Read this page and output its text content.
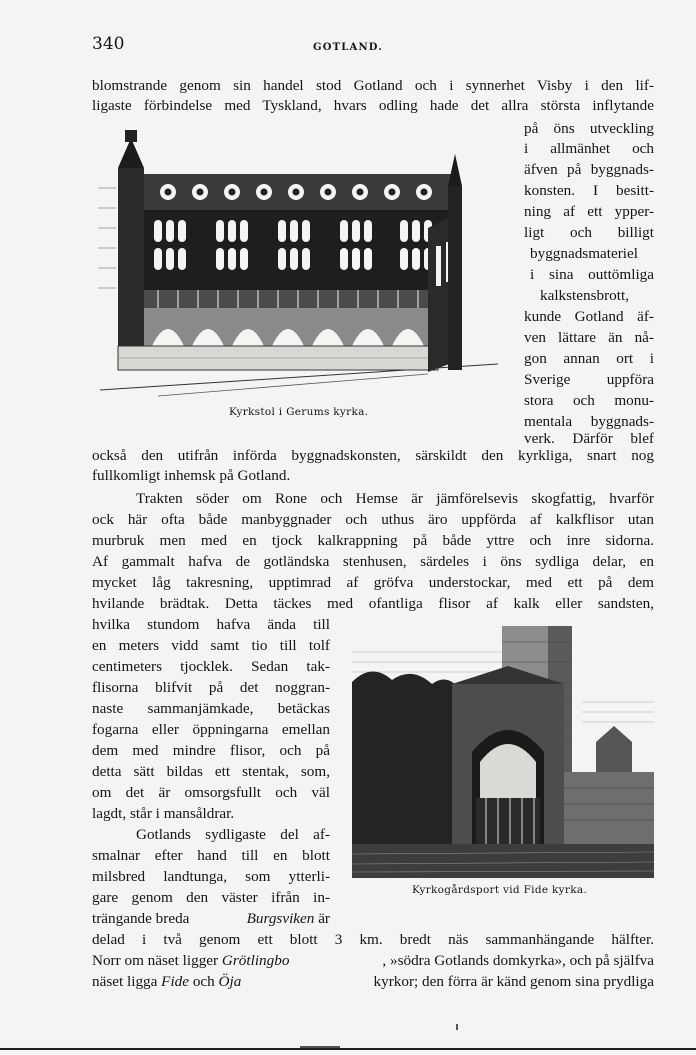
340	GOTLAND.
blomstrande genom sin handel stod Gotland och i synnerhet Visby i den lif-
ligaste förbindelse med Tyskland, hvars odling hade det allra största inflytande
Kyrkstol i Gerums kyrka.
på öns utveckling
i allmänhet och
äfven på byggnads-
konsten. I besitt-
ning af ett ypper-
ligt och billigt
byggnadsmateriel
i sina outtömliga
kalkstensbrott,
kunde Gotland äf-
ven lättare än nå-
gon annan ort i
Sverige uppföra
stora och monu-
mentala byggnads-
verk. Därför blef
också den utifrån införda byggnadskonsten, särskildt den kyrkliga, snart nog
fullkomligt inhemsk på Gotland.
Trakten söder om Rone och Hemse är jämförelsevis skogfattig, hvarför
ock här ofta både manbyggnader och uthus äro uppförda af kalkflisor utan
murbruk men med en tjock kalkrappning på både yttre och inre sidorna.
Af gammalt hafva de gotländska stenhusen, särdeles i öns sydliga delar, en
mycket låg takresning, upptimrad af gröfva understockar, med ett på dem
hvilande brädtak. Detta täckes med ofantliga flisor af kalk eller sandsten,
hvilka stundom hafva ända till
en meters vidd samt tio till tolf
centimeters tjocklek. Sedan tak-
flisorna blifvit på det noggran-
naste sammanjämkade, betäckas
fogarna eller öppningarna emellan
dem med mindre flisor, och på
detta sätt bildas ett stentak, som,
om det är omsorgsfullt och väl
lagdt, står i mansåldrar.
Gotlands sydligaste del af-
smalnar efter hand till en blott
milsbred landtunga, som ytterli-
gare genom den väster ifrån in-
trängande breda	Burgsviken är
Kyrkogårdsport vid Fide kyrka.
delad i två genom ett blott 3 km. bredt näs sammanhängande hälfter.
Norr om näset ligger Grötlingbo	, »södra Gotlands domkyrka», och på själfva
näset ligga Fide och Öja	kyrkor; den förra är känd genom sina prydliga
